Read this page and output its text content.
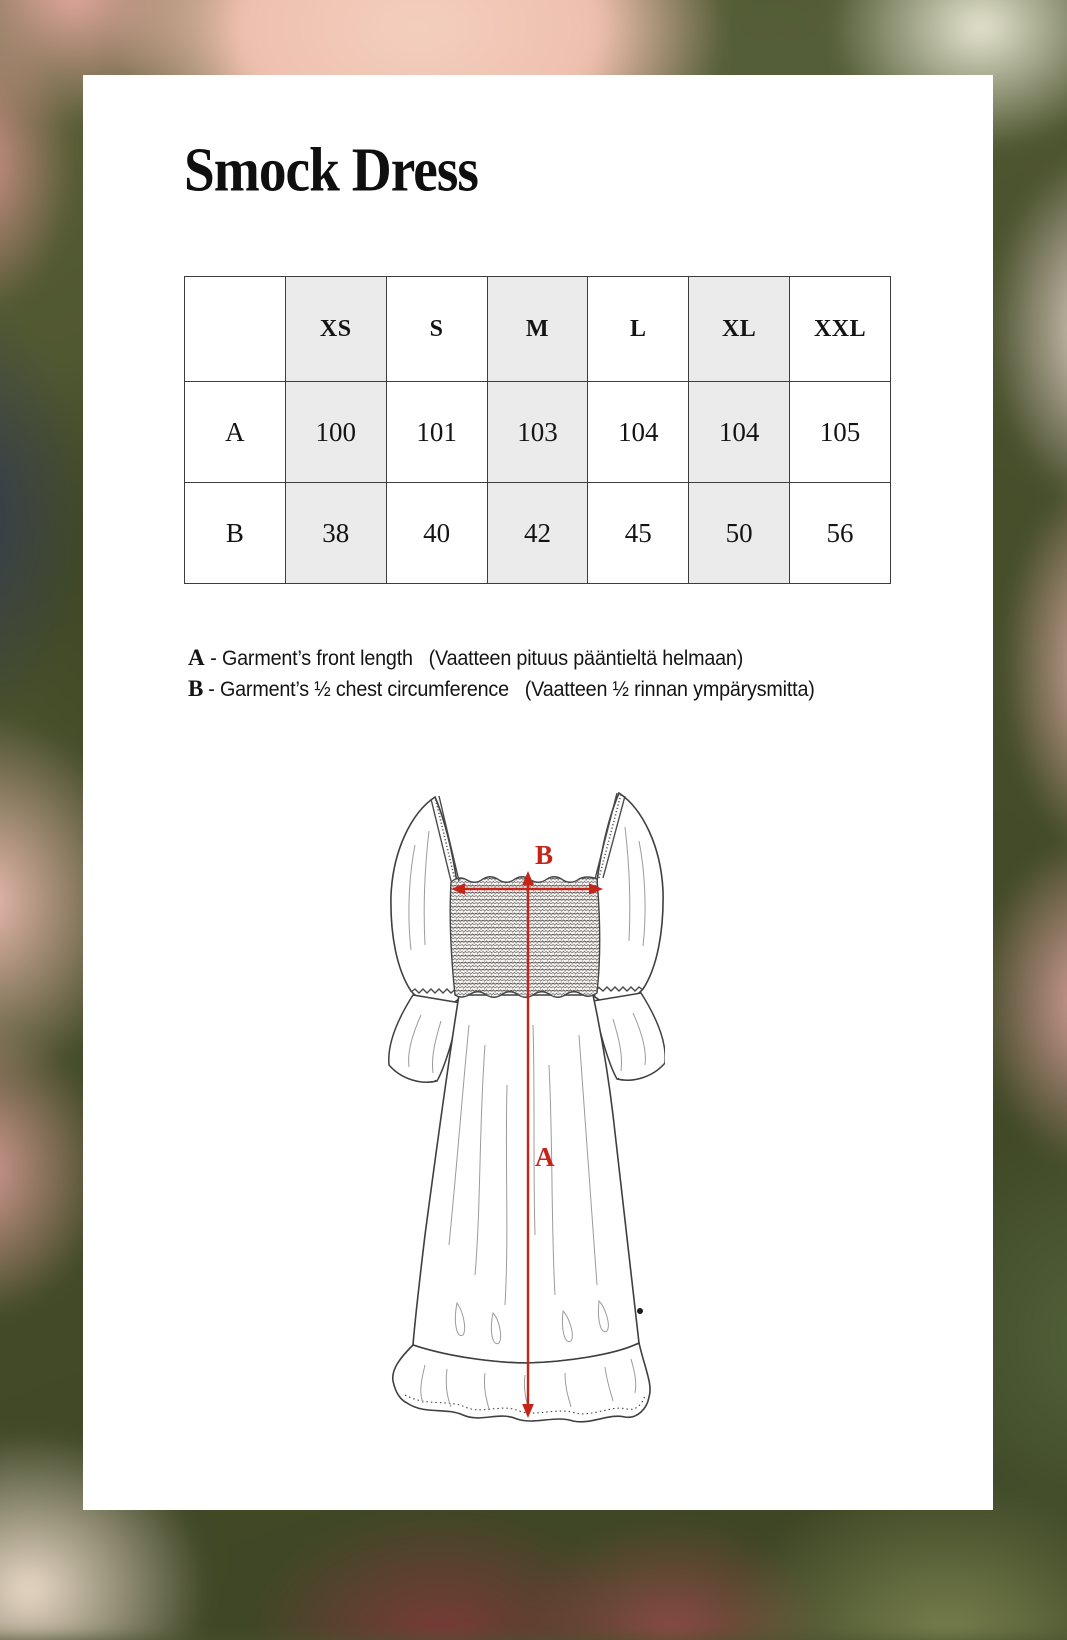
Smock Dress
	XS	S	M	L	XL	XXL
A	100	101	103	104	104	105
B	38	40	42	45	50	56
A - Garment’s front length   (Vaatteen pituus pääntieltä helmaan)
B - Garment’s ½ chest circumference   (Vaatteen ½ rinnan ympärysmitta)
B
A
